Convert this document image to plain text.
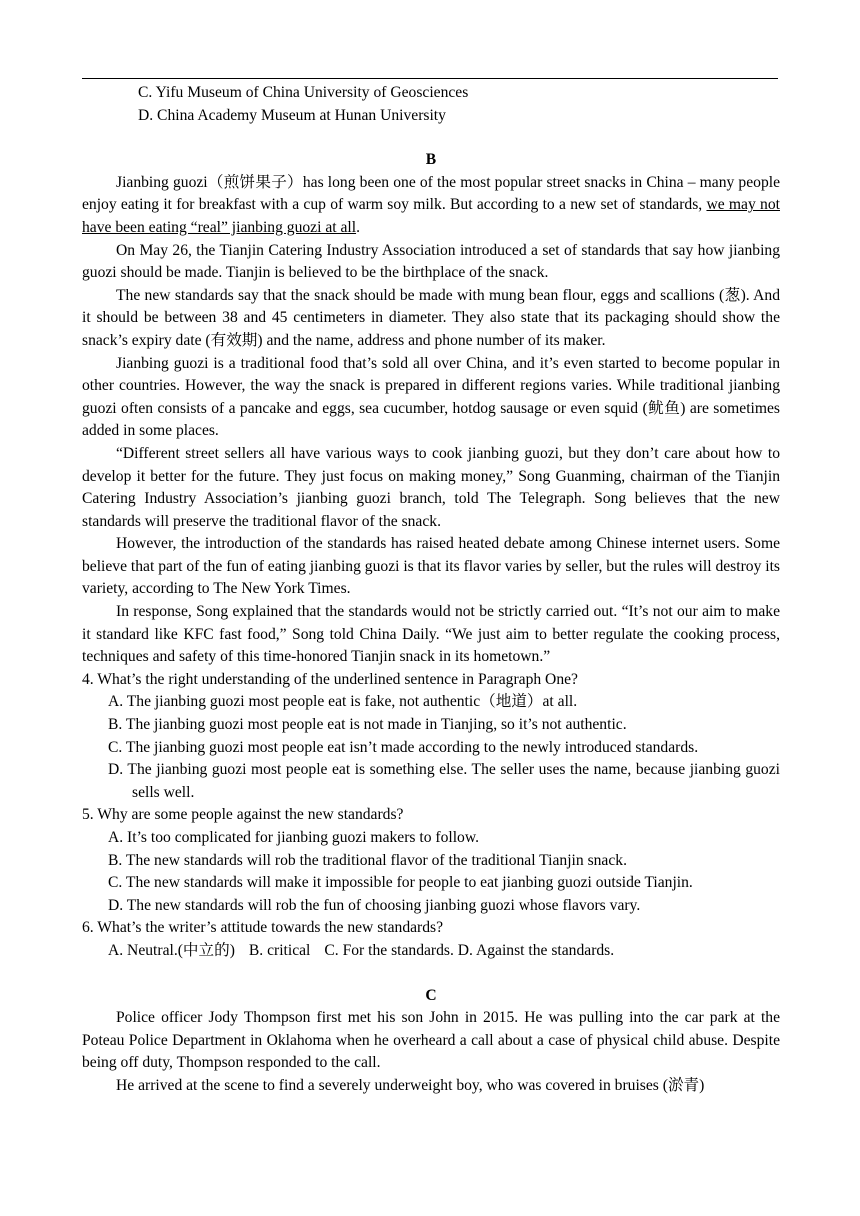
C. Yifu Museum of China University of Geosciences

D. China Academy Museum at Hunan University

B

Jianbing guozi（煎饼果子）has long been one of the most popular street snacks in China – many people enjoy eating it for breakfast with a cup of warm soy milk. But according to a new set of standards, we may not have been eating “real” jianbing guozi at all.

On May 26, the Tianjin Catering Industry Association introduced a set of standards that say how jianbing guozi should be made. Tianjin is believed to be the birthplace of the snack.

The new standards say that the snack should be made with mung bean flour, eggs and scallions (葱). And it should be between 38 and 45 centimeters in diameter. They also state that its packaging should show the snack’s expiry date (有效期) and the name, address and phone number of its maker.

Jianbing guozi is a traditional food that’s sold all over China, and it’s even started to become popular in other countries. However, the way the snack is prepared in different regions varies. While traditional jianbing guozi often consists of a pancake and eggs, sea cucumber, hotdog sausage or even squid (鱿鱼) are sometimes added in some places.

“Different street sellers all have various ways to cook jianbing guozi, but they don’t care about how to develop it better for the future. They just focus on making money,” Song Guanming, chairman of the Tianjin Catering Industry Association’s jianbing guozi branch, told The Telegraph. Song believes that the new standards will preserve the traditional flavor of the snack.

However, the introduction of the standards has raised heated debate among Chinese internet users. Some believe that part of the fun of eating jianbing guozi is that its flavor varies by seller, but the rules will destroy its variety, according to The New York Times.

In response, Song explained that the standards would not be strictly carried out. “It’s not our aim to make it standard like KFC fast food,” Song told China Daily. “We just aim to better regulate the cooking process, techniques and safety of this time-honored Tianjin snack in its hometown.”

4. What’s the right understanding of the underlined sentence in Paragraph One?

A. The jianbing guozi most people eat is fake, not authentic（地道）at all.

B. The jianbing guozi most people eat is not made in Tianjing, so it’s not authentic.

C. The jianbing guozi most people eat isn’t made according to the newly introduced standards.

D. The jianbing guozi most people eat is something else. The seller uses the name, because jianbing guozi sells well.

5. Why are some people against the new standards?

A. It’s too complicated for jianbing guozi makers to follow.

B. The new standards will rob the traditional flavor of the traditional Tianjin snack.

C. The new standards will make it impossible for people to eat jianbing guozi outside Tianjin.

D. The new standards will rob the fun of choosing jianbing guozi whose flavors vary.

6. What’s the writer’s attitude towards the new standards?

A. Neutral.(中立的) B. critical C. For the standards. D. Against the standards.

C

Police officer Jody Thompson first met his son John in 2015. He was pulling into the car park at the Poteau Police Department in Oklahoma when he overheard a call about a case of physical child abuse. Despite being off duty, Thompson responded to the call.

He arrived at the scene to find a severely underweight boy, who was covered in bruises (淤青)
